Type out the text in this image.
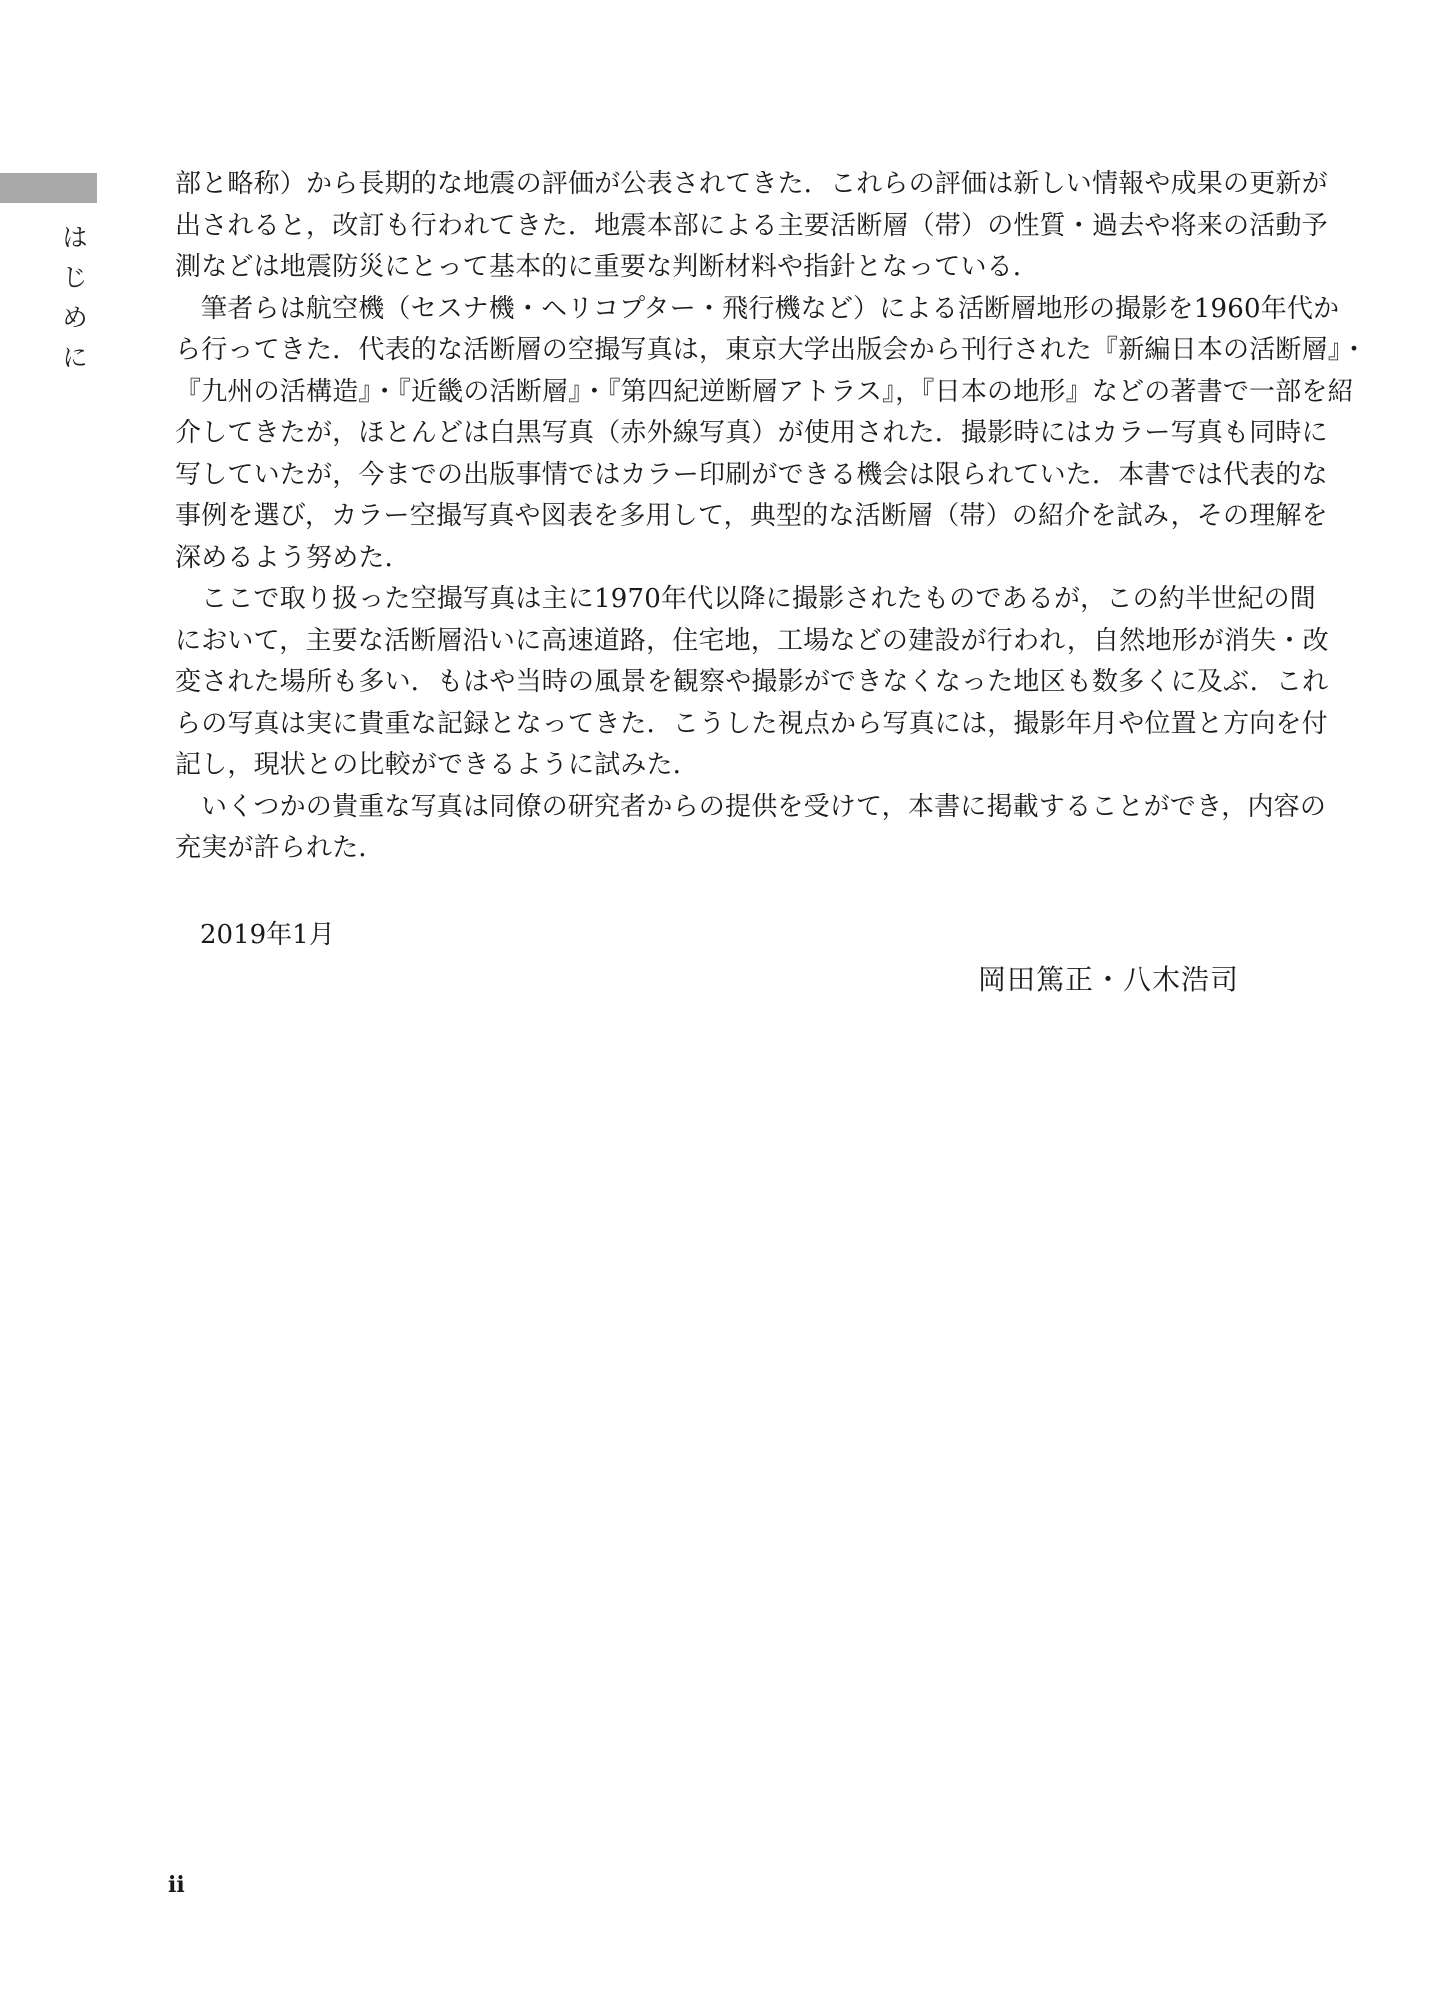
は
じ
め
に
部と略称）から長期的な地震の評価が公表されてきた．これらの評価は新しい情報や成果の更新が
出されると，改訂も行われてきた．地震本部による主要活断層（帯）の性質・過去や将来の活動予
測などは地震防災にとって基本的に重要な判断材料や指針となっている．
筆者らは航空機（セスナ機・ヘリコプター・飛行機など）による活断層地形の撮影を1960年代か
ら行ってきた．代表的な活断層の空撮写真は，東京大学出版会から刊行された『新編日本の活断層』・
『九州の活構造』・『近畿の活断層』・『第四紀逆断層アトラス』，『日本の地形』などの著書で一部を紹
介してきたが，ほとんどは白黒写真（赤外線写真）が使用された．撮影時にはカラー写真も同時に
写していたが，今までの出版事情ではカラー印刷ができる機会は限られていた．本書では代表的な
事例を選び，カラー空撮写真や図表を多用して，典型的な活断層（帯）の紹介を試み，その理解を
深めるよう努めた．
ここで取り扱った空撮写真は主に1970年代以降に撮影されたものであるが，この約半世紀の間
において，主要な活断層沿いに高速道路，住宅地，工場などの建設が行われ，自然地形が消失・改
変された場所も多い．もはや当時の風景を観察や撮影ができなくなった地区も数多くに及ぶ．これ
らの写真は実に貴重な記録となってきた．こうした視点から写真には，撮影年月や位置と方向を付
記し，現状との比較ができるように試みた．
いくつかの貴重な写真は同僚の研究者からの提供を受けて，本書に掲載することができ，内容の
充実が許られた．
2019年1月
岡田篤正・八木浩司
ii
